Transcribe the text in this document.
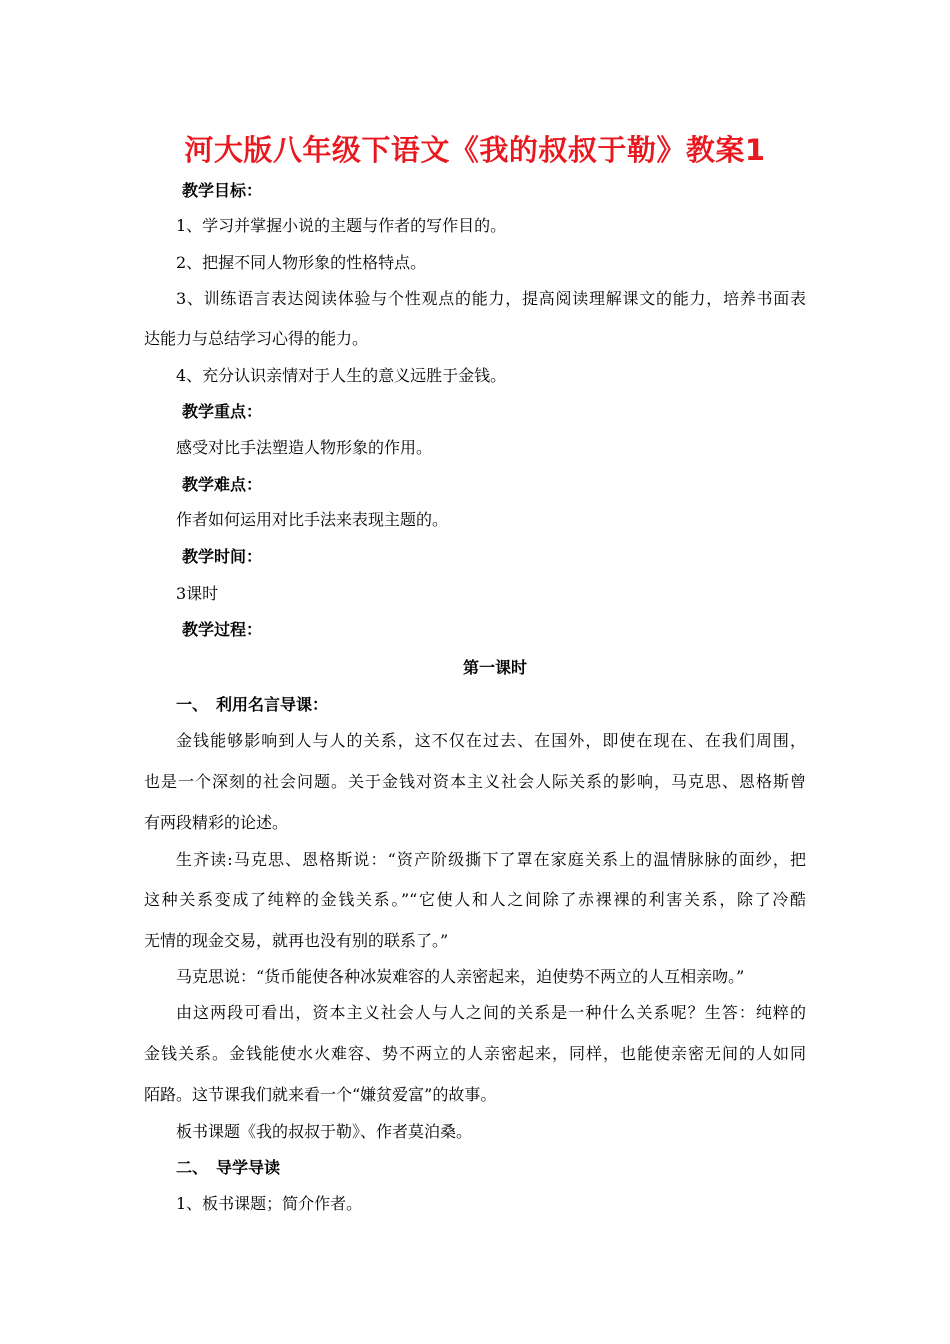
河大版八年级下语文《我的叔叔于勒》教案1
教学目标：
1、学习并掌握小说的主题与作者的写作目的。
2、把握不同人物形象的性格特点。
3、训练语言表达阅读体验与个性观点的能力，提高阅读理解课文的能力，培养书面表
达能力与总结学习心得的能力。
4、充分认识亲情对于人生的意义远胜于金钱。
教学重点：
感受对比手法塑造人物形象的作用。
教学难点：
作者如何运用对比手法来表现主题的。
教学时间：
3课时
教学过程：
第一课时
一、　利用名言导课：
金钱能够影响到人与人的关系，这不仅在过去、在国外，即使在现在、在我们周围，
也是一个深刻的社会问题。关于金钱对资本主义社会人际关系的影响，马克思、恩格斯曾
有两段精彩的论述。
生齐读:马克思、恩格斯说：“资产阶级撕下了罩在家庭关系上的温情脉脉的面纱，把
这种关系变成了纯粹的金钱关系。”“它使人和人之间除了赤裸裸的利害关系，除了冷酷
无情的现金交易，就再也没有别的联系了。”
马克思说：“货币能使各种冰炭难容的人亲密起来，迫使势不两立的人互相亲吻。”
由这两段可看出，资本主义社会人与人之间的关系是一种什么关系呢？生答：纯粹的
金钱关系。金钱能使水火难容、势不两立的人亲密起来，同样，也能使亲密无间的人如同
陌路。这节课我们就来看一个“嫌贫爱富”的故事。
板书课题《我的叔叔于勒》、作者莫泊桑。
二、　导学导读
1、板书课题；简介作者。
